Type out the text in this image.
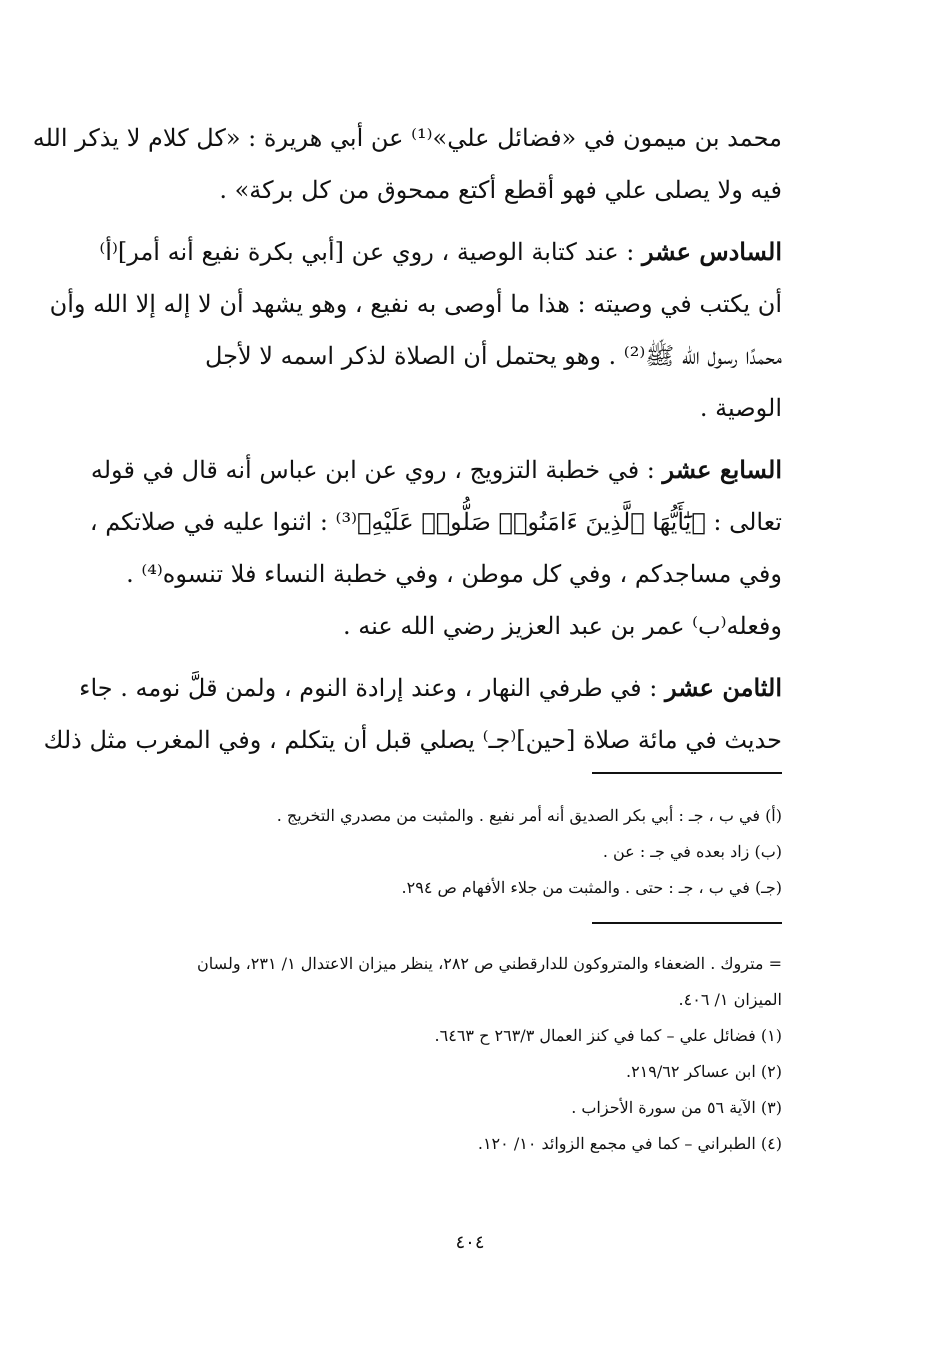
محمد بن ميمون في «فضائل علي»⁽¹⁾ عن أبي هريرة : «كل كلام لا يذكر الله
فيه ولا يصلى علي فهو أقطع أكتع ممحوق من كل بركة» .
السادس عشر : عند كتابة الوصية ، روي عن [أبي بكرة نفيع أنه أمر]⁽أ⁾
أن يكتب في وصيته : هذا ما أوصى به نفيع ، وهو يشهد أن لا إله إلا الله وأن
محمدًا رسول الله ﷺ⁽²⁾ . وهو يحتمل أن الصلاة لذكر اسمه لا لأجل
الوصية .
السابع عشر : في خطبة التزويج ، روي عن ابن عباس أنه قال في قوله
تعالى : ﴿يَٰٓأَيُّهَا ٱلَّذِينَ ءَامَنُوا۟ صَلُّوا۟ عَلَيْهِ﴾⁽³⁾ : اثنوا عليه في صلاتكم ،
وفي مساجدكم ، وفي كل موطن ، وفي خطبة النساء فلا تنسوه⁽⁴⁾ .
وفعله⁽ب⁾ عمر بن عبد العزيز رضي الله عنه .
الثامن عشر : في طرفي النهار ، وعند إرادة النوم ، ولمن قلَّ نومه . جاء
حديث في مائة صلاة [حين]⁽جـ⁾ يصلي قبل أن يتكلم ، وفي المغرب مثل ذلك
(أ) في ب ، جـ : أبي بكر الصديق أنه أمر نفيع . والمثبت من مصدري التخريج .
(ب) زاد بعده في جـ : عن .
(جـ) في ب ، جـ : حتى . والمثبت من جلاء الأفهام ص ٢٩٤.
= متروك . الضعفاء والمتروكون للدارقطني ص ٢٨٢، ينظر ميزان الاعتدال ١/ ٢٣١، ولسان
الميزان ١/ ٤٠٦.
(١) فضائل علي – كما في كنز العمال ٢٦٣/٣ ح ٦٤٦٣.
(٢) ابن عساكر ٢١٩/٦٢.
(٣) الآية ٥٦ من سورة الأحزاب .
(٤) الطبراني – كما في مجمع الزوائد ١٠/ ١٢٠.
٤٠٤
